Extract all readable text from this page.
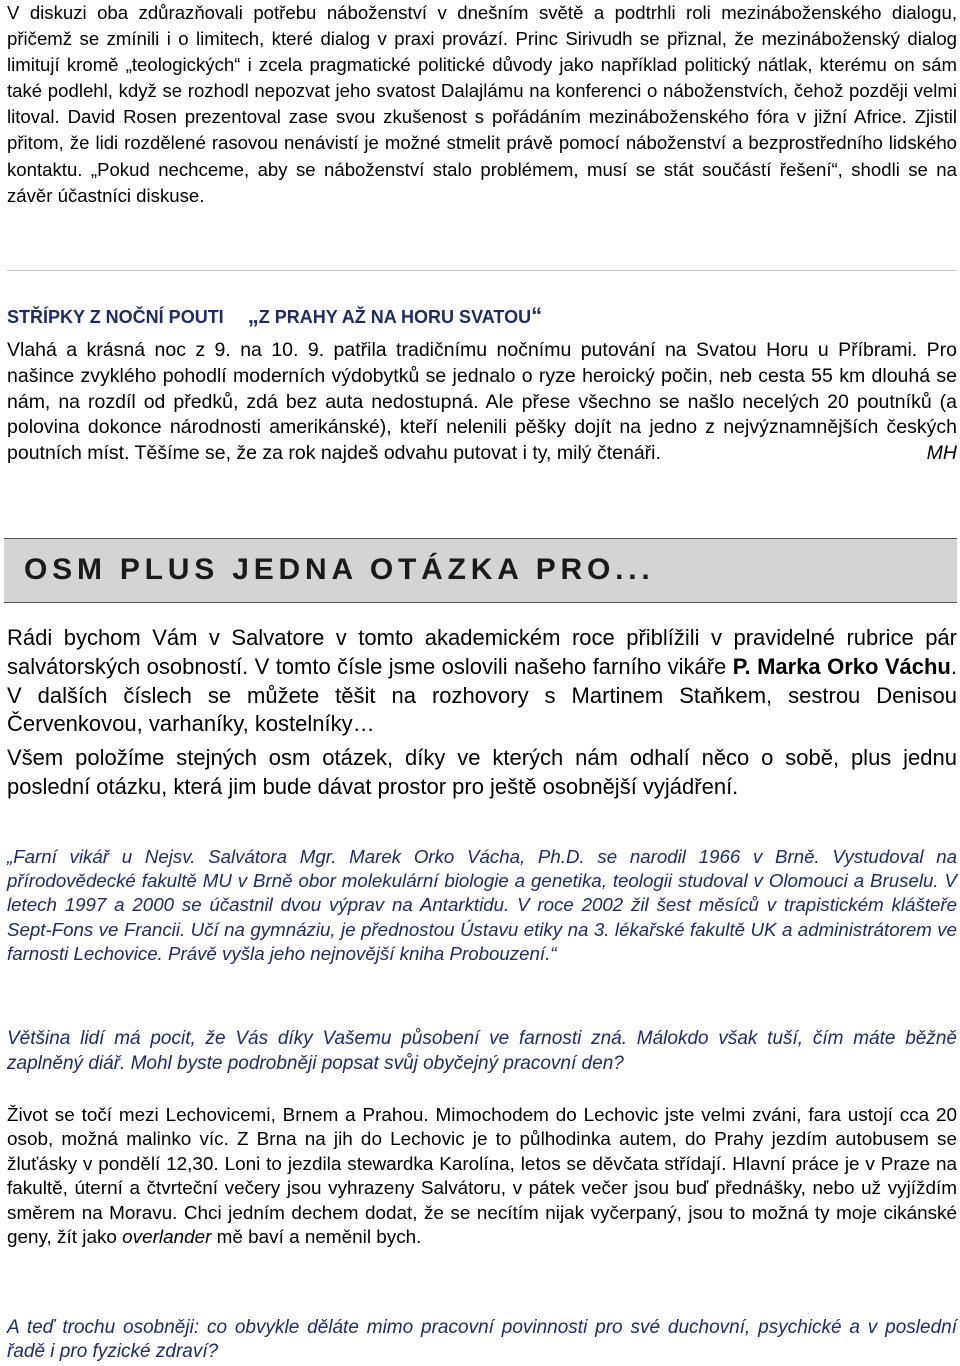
V diskuzi oba zdůrazňovali potřebu náboženství v dnešním světě a podtrhli roli mezináboženského dialogu, přičemž se zmínili i o limitech, které dialog v praxi provází. Princ Sirivudh se přiznal, že mezináboženský dialog limitují kromě „teologických“ i zcela pragmatické politické důvody jako například politický nátlak, kterému on sám také podlehl, když se rozhodl nepozvat jeho svatost Dalajlámu na konferenci o náboženstvích, čehož později velmi litoval. David Rosen prezentoval zase svou zkušenost s pořádáním mezináboženského fóra v jižní Africe. Zjistil přitom, že lidi rozdělené rasovou nenávistí je možné stmelit právě pomocí náboženství a bezprostředního lidského kontaktu. „Pokud nechceme, aby se náboženství stalo problémem, musí se stát součástí řešení“, shodli se na závěr účastníci diskuse.

STŘÍPKY Z NOČNÍ POUTI „Z PRAHY AŽ NA HORU SVATOU“

Vlahá a krásná noc z 9. na 10. 9. patřila tradičnímu nočnímu putování na Svatou Horu u Příbrami. Pro našince zvyklého pohodlí moderních výdobytků se jednalo o ryze heroický počin, neb cesta 55 km dlouhá se nám, na rozdíl od předků, zdá bez auta nedostupná. Ale přese všechno se našlo necelých 20 poutníků (a polovina dokonce národnosti amerikánské), kteří nelenili pěšky dojít na jedno z nejvýznamnějších českých poutních míst. Těšíme se, že za rok najdeš odvahu putovat i ty, milý čtenáři.	MH

OSM PLUS JEDNA OTÁZKA PRO...

Rádi bychom Vám v Salvatore v tomto akademickém roce přiblížili v pravidelné rubrice pár salvátorských osobností. V tomto čísle jsme oslovili našeho farního vikáře P. Marka Orko Váchu. V dalších číslech se můžete těšit na rozhovory s Martinem Staňkem, sestrou Denisou Červenkovou, varhaníky, kostelníky…

Všem položíme stejných osm otázek, díky ve kterých nám odhalí něco o sobě, plus jednu poslední otázku, která jim bude dávat prostor pro ještě osobnější vyjádření.

„Farní vikář u Nejsv. Salvátora Mgr. Marek Orko Vácha, Ph.D. se narodil 1966 v Brně. Vystudoval na přírodovědecké fakultě MU v Brně obor molekulární biologie a genetika, teologii studoval v Olomouci a Bruselu. V letech 1997 a 2000 se účastnil dvou výprav na Antarktidu. V roce 2002 žil šest měsíců v trapistickém klášteře Sept-Fons ve Francii. Učí na gymnáziu, je přednostou Ústavu etiky na 3. lékařské fakultě UK a administrátorem ve farnosti Lechovice. Právě vyšla jeho nejnovější kniha Probouzení.“

Většina lidí má pocit, že Vás díky Vašemu působení ve farnosti zná. Málokdo však tuší, čím máte běžně zaplněný diář. Mohl byste podrobněji popsat svůj obyčejný pracovní den?

Život se točí mezi Lechovicemi, Brnem a Prahou. Mimochodem do Lechovic jste velmi zváni, fara ustojí cca 20 osob, možná malinko víc. Z Brna na jih do Lechovic je to půlhodinka autem, do Prahy jezdím autobusem se žluťásky v pondělí 12,30. Loni to jezdila stewardka Karolína, letos se děvčata střídají. Hlavní práce je v Praze na fakultě, úterní a čtvrteční večery jsou vyhrazeny Salvátoru, v pátek večer jsou buď přednášky, nebo už vyjíždím směrem na Moravu. Chci jedním dechem dodat, že se necítím nijak vyčerpaný, jsou to možná ty moje cikánské geny, žít jako overlander mě baví a neměnil bych.

A teď trochu osobněji: co obvykle děláte mimo pracovní povinnosti pro své duchovní, psychické a v poslední řadě i pro fyzické zdraví?
